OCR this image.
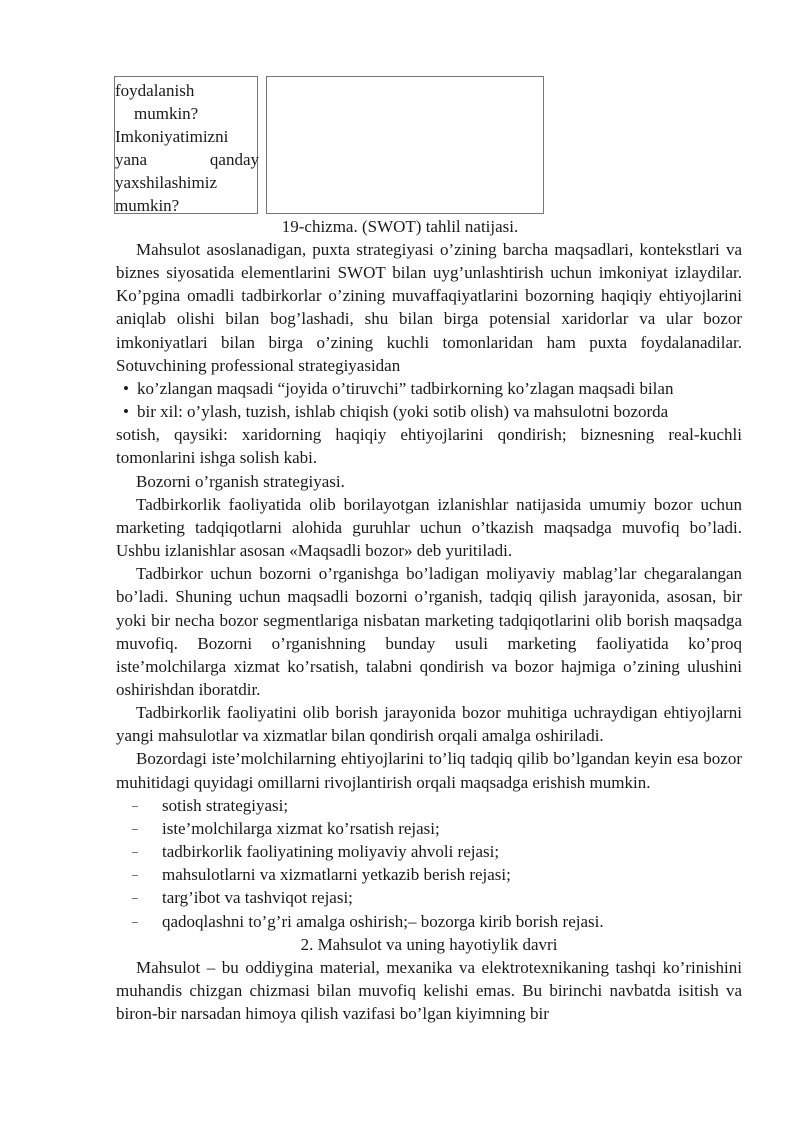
foydalanish
mumkin?
Imkoniyatimizni
yana	qanday
yaxshilashimiz
mumkin?
19-chizma. (SWOT) tahlil natijasi.

Mahsulot asoslanadigan, puxta strategiyasi o’zining barcha maqsadlari, kontekstlari va biznes siyosatida elementlarini SWOT bilan uyg’unlashtirish uchun imkoniyat izlaydilar. Ko’pgina omadli tadbirkorlar o’zining muvaffaqiyatlarini bozorning haqiqiy ehtiyojlarini aniqlab olishi bilan bog’lashadi, shu bilan birga potensial xaridorlar va ular bozor imkoniyatlari bilan birga o’zining kuchli tomonlaridan ham puxta foydalanadilar. Sotuvchining professional strategiyasidan

• ko’zlangan maqsadi “joyida o’tiruvchi” tadbirkorning ko’zlagan maqsadi bilan
• bir xil: o’ylash, tuzish, ishlab chiqish (yoki sotib olish) va mahsulotni bozorda

sotish, qaysiki: xaridorning haqiqiy ehtiyojlarini qondirish; biznesning real-kuchli tomonlarini ishga solish kabi.

Bozorni o’rganish strategiyasi.

Tadbirkorlik faoliyatida olib borilayotgan izlanishlar natijasida umumiy bozor uchun marketing tadqiqotlarni alohida guruhlar uchun o’tkazish maqsadga muvofiq bo’ladi. Ushbu izlanishlar asosan «Maqsadli bozor» deb yuritiladi.

Tadbirkor uchun bozorni o’rganishga bo’ladigan moliyaviy mablag’lar chegaralangan bo’ladi. Shuning uchun maqsadli bozorni o’rganish, tadqiq qilish jarayonida, asosan, bir yoki bir necha bozor segmentlariga nisbatan marketing tadqiqotlarini olib borish maqsadga muvofiq. Bozorni o’rganishning bunday usuli marketing faoliyatida ko’proq iste’molchilarga xizmat ko’rsatish, talabni qondirish va bozor hajmiga o’zining ulushini oshirishdan iboratdir.

Tadbirkorlik faoliyatini olib borish jarayonida bozor muhitiga uchraydigan ehtiyojlarni yangi mahsulotlar va xizmatlar bilan qondirish orqali amalga oshiriladi.

Bozordagi iste’molchilarning ehtiyojlarini to’liq tadqiq qilib bo’lgandan keyin esa bozor muhitidagi quyidagi omillarni rivojlantirish orqali maqsadga erishish mumkin.

–	sotish strategiyasi;
–	iste’molchilarga xizmat ko’rsatish rejasi;
–	tadbirkorlik faoliyatining moliyaviy ahvoli rejasi;
–	mahsulotlarni va xizmatlarni yetkazib berish rejasi;
–	targ’ibot va tashviqot rejasi;
–	qadoqlashni to’g’ri amalga oshirish;– bozorga kirib borish rejasi.

2. Mahsulot va uning hayotiylik davri

Mahsulot – bu oddiygina material, mexanika va elektrotexnikaning tashqi ko’rinishini muhandis chizgan chizmasi bilan muvofiq kelishi emas. Bu birinchi navbatda isitish va biron-bir narsadan himoya qilish vazifasi bo’lgan kiyimning bir
